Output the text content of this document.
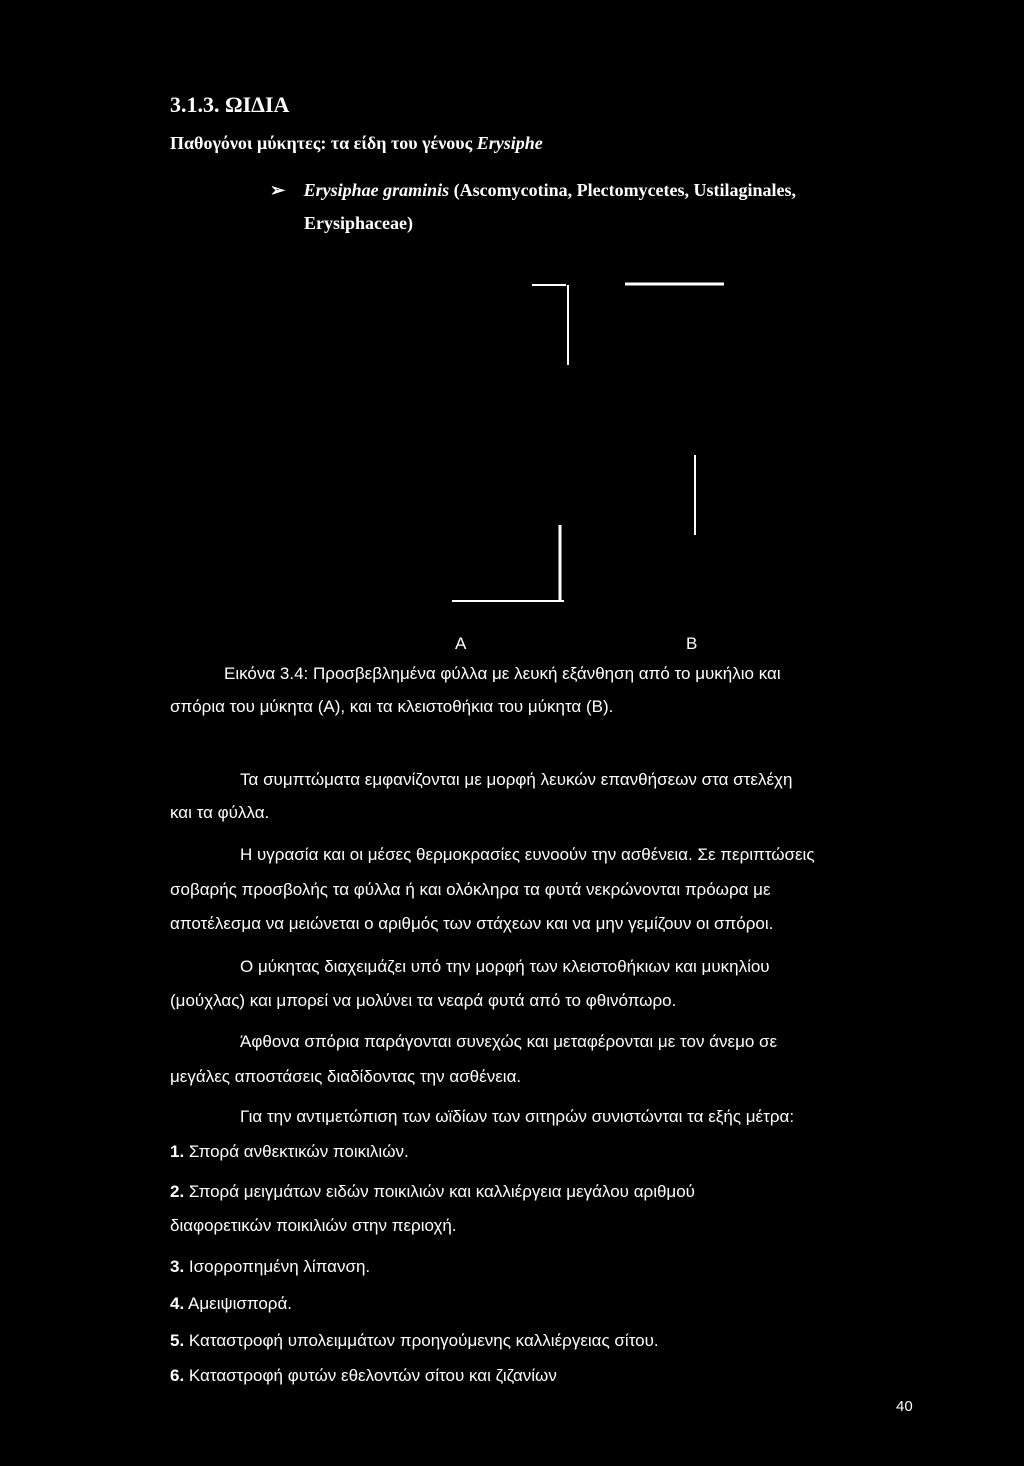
3.1.3. ΩΙΔΙΑ
Παθογόνοι μύκητες: τα είδη του γένους Erysiphe
➢ Erysiphae graminis (Ascomycotina, Plectomycetes, Ustilaginales,
Erysiphaceae)
A	B
Εικόνα 3.4: Προσβεβλημένα φύλλα με λευκή εξάνθηση από το μυκήλιο και
σπόρια του μύκητα (Α), και τα κλειστοθήκια του μύκητα (Β).
Τα συμπτώματα εμφανίζονται με μορφή λευκών επανθήσεων στα στελέχη
και τα φύλλα.
Η υγρασία και οι μέσες θερμοκρασίες ευνοούν την ασθένεια. Σε περιπτώσεις
σοβαρής προσβολής τα φύλλα ή και ολόκληρα τα φυτά νεκρώνονται πρόωρα με
αποτέλεσμα να μειώνεται ο αριθμός των στάχεων και να μην γεμίζουν οι σπόροι.
Ο μύκητας διαχειμάζει υπό την μορφή των κλειστοθήκιων και μυκηλίου
(μούχλας) και μπορεί να μολύνει τα νεαρά φυτά από το φθινόπωρο.
Άφθονα σπόρια παράγονται συνεχώς και μεταφέρονται με τον άνεμο σε
μεγάλες αποστάσεις διαδίδοντας την ασθένεια.
Για την αντιμετώπιση των ωϊδίων των σιτηρών συνιστώνται τα εξής μέτρα:
1. Σπορά ανθεκτικών ποικιλιών.
2. Σπορά μειγμάτων ειδών ποικιλιών και καλλιέργεια μεγάλου αριθμού
διαφορετικών ποικιλιών στην περιοχή.
3. Ισορροπημένη λίπανση.
4. Αμειψισπορά.
5. Καταστροφή υπολειμμάτων προηγούμενης καλλιέργειας σίτου.
6. Καταστροφή φυτών εθελοντών σίτου και ζιζανίων
40
